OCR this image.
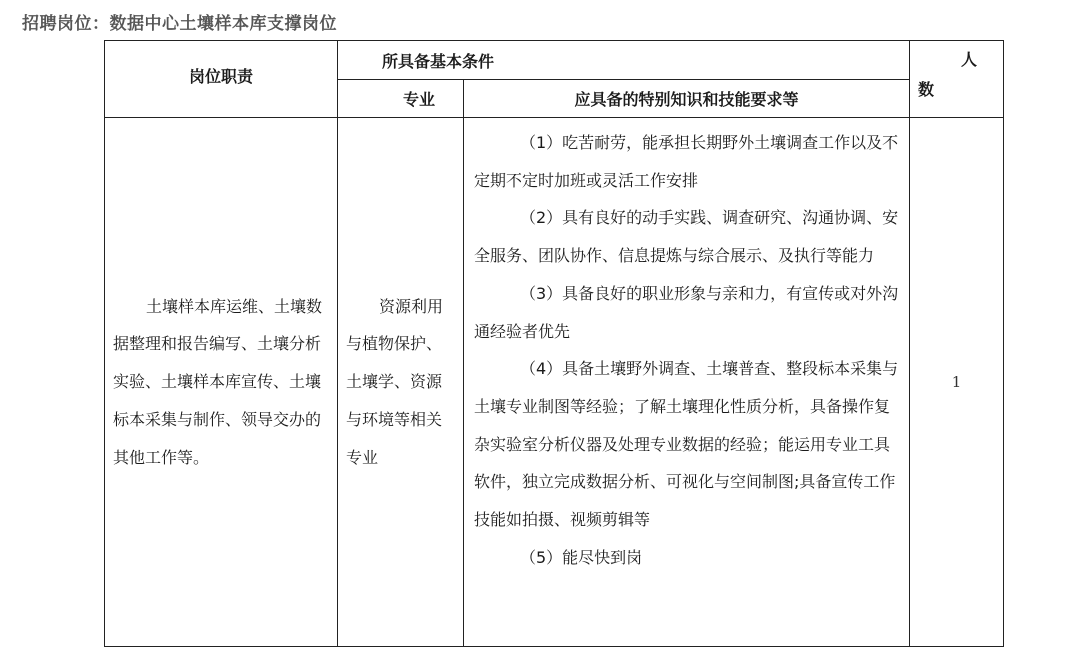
招聘岗位：数据中心土壤样本库支撑岗位
岗位职责	所具备基本条件		人
数

	专业	应具备的特别知识和技能要求等	
土壤样本库运维、土壤数据整理和报告编写、土壤分析实验、土壤样本库宣传、土壤标本采集与制作、领导交办的其他工作等。	资源利用与植物保护、土壤学、资源与环境等相关专业	（1）吃苦耐劳，能承担长期野外土壤调查工作以及不定期不定时加班或灵活工作安排

（2）具有良好的动手实践、调查研究、沟通协调、安全服务、团队协作、信息提炼与综合展示、及执行等能力

（3）具备良好的职业形象与亲和力，有宣传或对外沟通经验者优先

（4）具备土壤野外调查、土壤普查、整段标本采集与土壤专业制图等经验；了解土壤理化性质分析，具备操作复杂实验室分析仪器及处理专业数据的经验；能运用专业工具软件，独立完成数据分析、可视化与空间制图;具备宣传工作技能如拍摄、视频剪辑等

（5）能尽快到岗	1
